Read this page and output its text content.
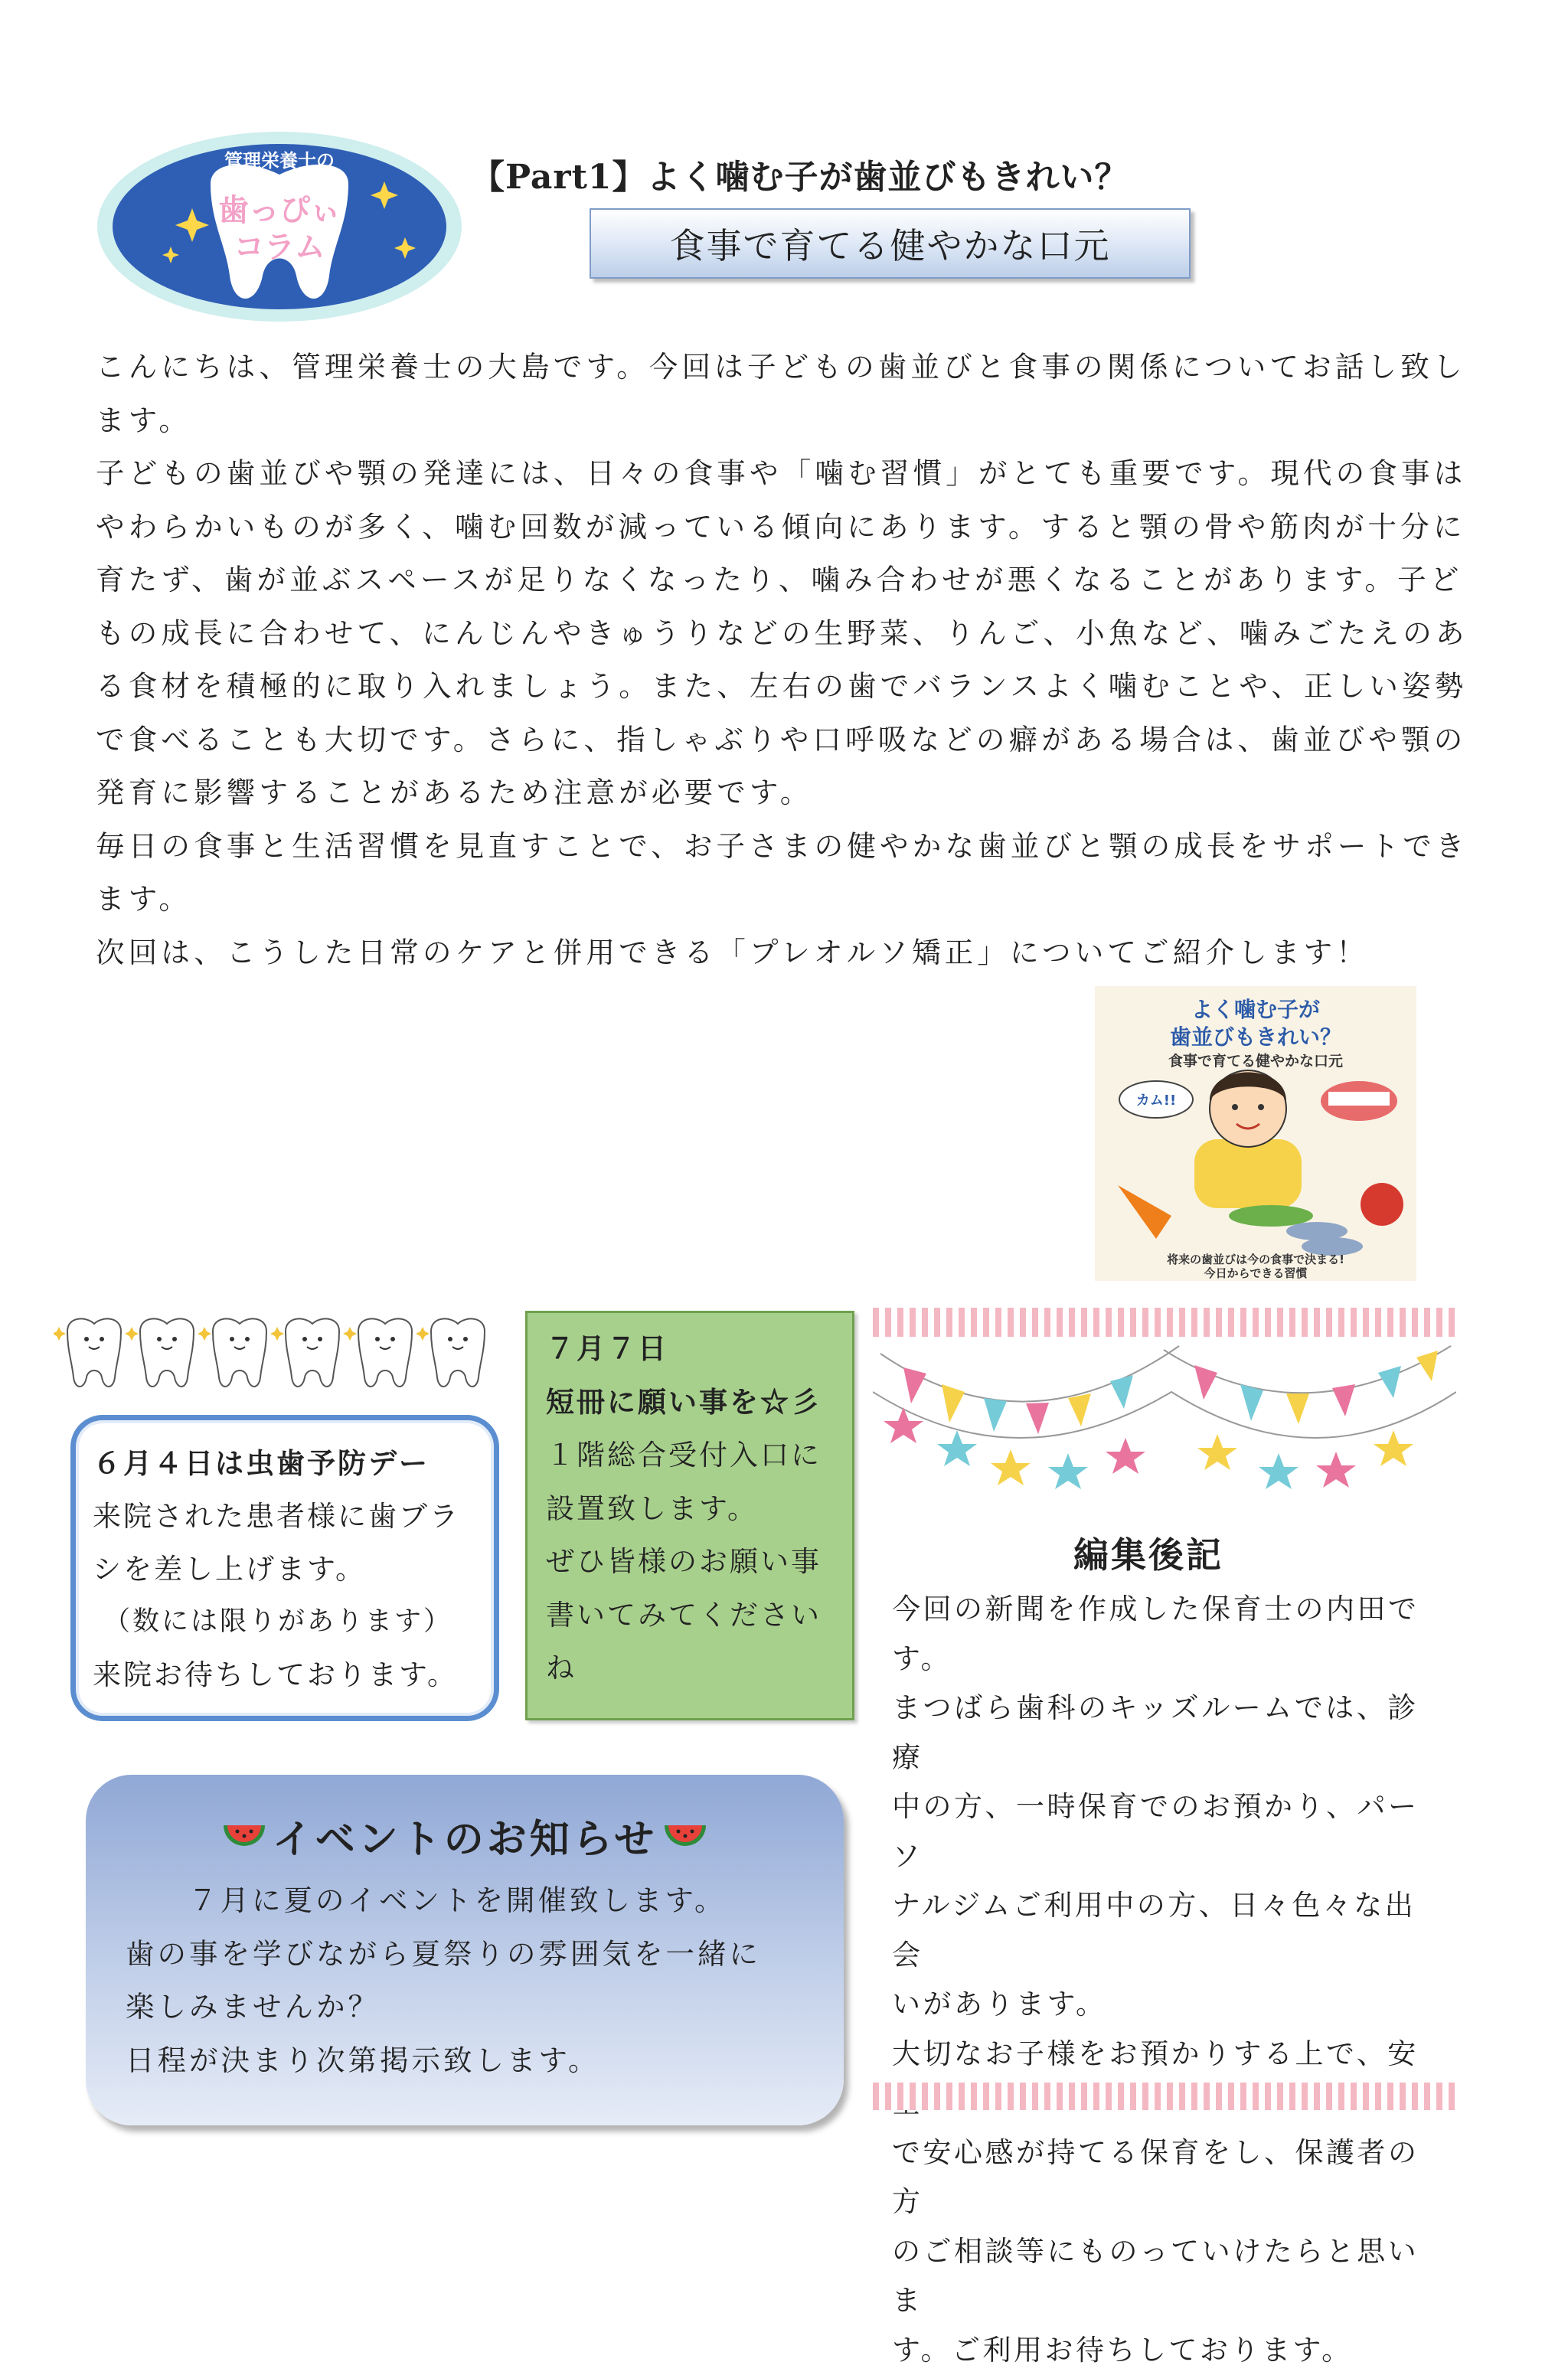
管理栄養士の
歯っぴぃ
コラム
【Part1】よく噛む子が歯並びもきれい？
食事で育てる健やかな口元

こんにちは、管理栄養士の大島です。今回は子どもの歯並びと食事の関係についてお話し致します。

子どもの歯並びや顎の発達には、日々の食事や「噛む習慣」がとても重要です。現代の食事はやわらかいものが多く、噛む回数が減っている傾向にあります。すると顎の骨や筋肉が十分に育たず、歯が並ぶスペースが足りなくなったり、噛み合わせが悪くなることがあります。子どもの成長に合わせて、にんじんやきゅうりなどの生野菜、りんご、小魚など、噛みごたえのある食材を積極的に取り入れましょう。また、左右の歯でバランスよく噛むことや、正しい姿勢で食べることも大切です。さらに、指しゃぶりや口呼吸などの癖がある場合は、歯並びや顎の発育に影響することがあるため注意が必要です。

毎日の食事と生活習慣を見直すことで、お子さまの健やかな歯並びと顎の成長をサポートできます。

次回は、こうした日常のケアと併用できる「プレオルソ矯正」についてご紹介します！

よく噛む子が
歯並びもきれい？
食事で育てる健やかな口元
カム!!
将来の歯並びは今の食事で決まる!
今日からできる習慣
６月４日は虫歯予防デー
来院された患者様に歯ブラ
シを差し上げます。
（数には限りがあります）
来院お待ちしております。
７月７日
短冊に願い事を☆彡
１階総合受付入口に
設置致します。
ぜひ皆様のお願い事
書いてみてください
ね
イベントのお知らせ
７月に夏のイベントを開催致します。
歯の事を学びながら夏祭りの雰囲気を一緒に
楽しみませんか？
日程が決まり次第掲示致します。
編集後記
今回の新聞を作成した保育士の内田で
す。
まつばら歯科のキッズルームでは、診療
中の方、一時保育でのお預かり、パーソ
ナルジムご利用中の方、日々色々な出会
いがあります。
大切なお子様をお預かりする上で、安
で安心感が持てる保育をし、保護者の方
のご相談等にものっていけたらと思いま
す。ご利用お待ちしております。
